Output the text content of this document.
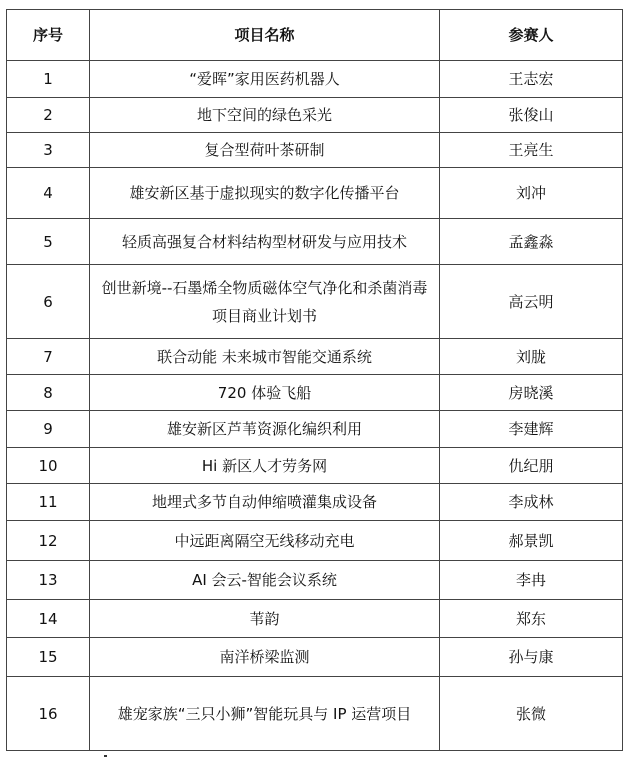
序号	项目名称	参赛人
1	“爱晖”家用医药机器人	王志宏
2	地下空间的绿色采光	张俊山
3	复合型荷叶茶研制	王亮生
4	雄安新区基于虚拟现实的数字化传播平台	刘冲
5	轻质高强复合材料结构型材研发与应用技术	孟鑫淼
6	创世新境--石墨烯全物质磁体空气净化和杀菌消毒项目商业计划书	高云明
7	联合动能 未来城市智能交通系统	刘胧
8	720 体验飞船	房晓溪
9	雄安新区芦苇资源化编织利用	李建辉
10	Hi 新区人才劳务网	仇纪朋
11	地埋式多节自动伸缩喷灌集成设备	李成林
12	中远距离隔空无线移动充电	郝景凯
13	AI 会云-智能会议系统	李冉
14	苇韵	郑东
15	南洋桥梁监测	孙与康
16	雄宠家族“三只小狮”智能玩具与 IP 运营项目	张微
